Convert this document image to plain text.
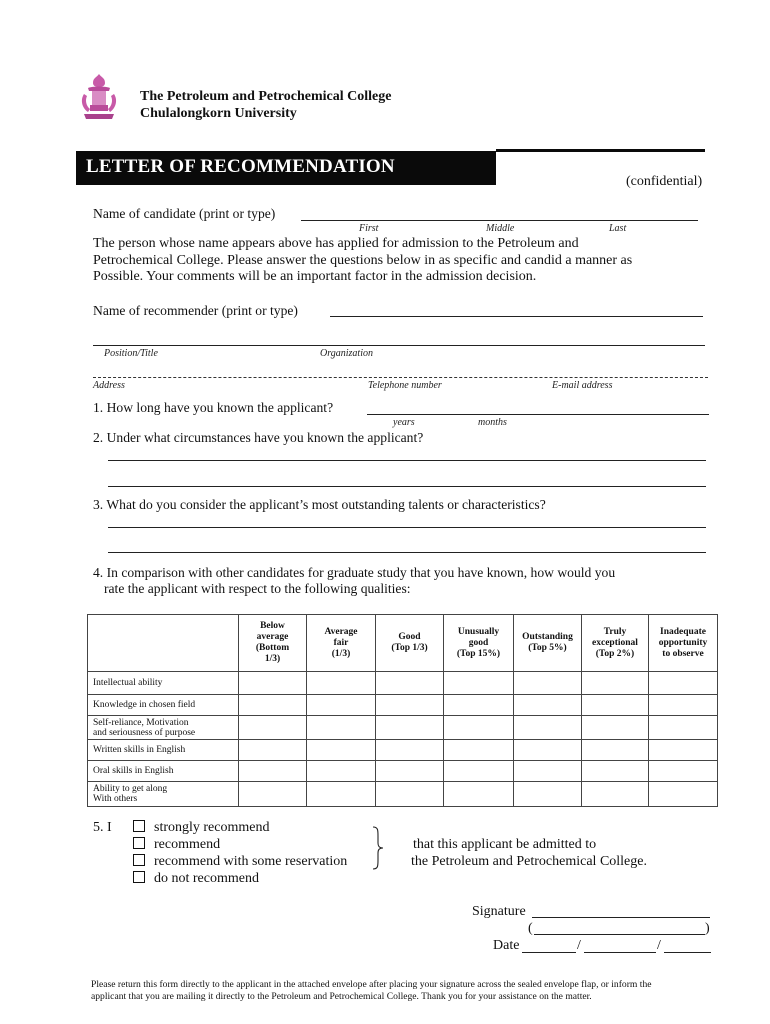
The Petroleum and Petrochemical College
Chulalongkorn University
LETTER OF RECOMMENDATION
(confidential)
Name of candidate (print or type)
First	Middle	Last
The person whose name appears above has applied for admission to the Petroleum and
Petrochemical College. Please answer the questions below in as specific and candid a manner as
Possible. Your comments will be an important factor in the admission decision.
Name of recommender (print or type)
Position/Title	Organization
Address	Telephone number	E-mail address
1. How long have you known the applicant?
years	months
2. Under what circumstances have you known the applicant?
3. What do you consider the applicant’s most outstanding talents or characteristics?
4. In comparison with other candidates for graduate study that you have known, how would you
rate the applicant with respect to the following qualities:
	Below
average
(Bottom
1/3)	Average
fair
(1/3)	Good
(Top 1/3)	Unusually
good
(Top 15%)	Outstanding
(Top 5%)	Truly
exceptional
(Top 2%)	Inadequate
opportunity
to observe
Intellectual ability							
Knowledge in chosen field							
Self-reliance, Motivation
and seriousness of purpose							
Written skills in English							
Oral skills in English							
Ability to get along
With others							
5. I	strongly recommend
recommend
recommend with some reservation
do not recommend
that this applicant be admitted to
the Petroleum and Petrochemical College.
Signature
(	)
Date	/	/
Please return this form directly to the applicant in the attached envelope after placing your signature across the sealed envelope flap, or inform the
applicant that you are mailing it directly to the Petroleum and Petrochemical College. Thank you for your assistance on the matter.
